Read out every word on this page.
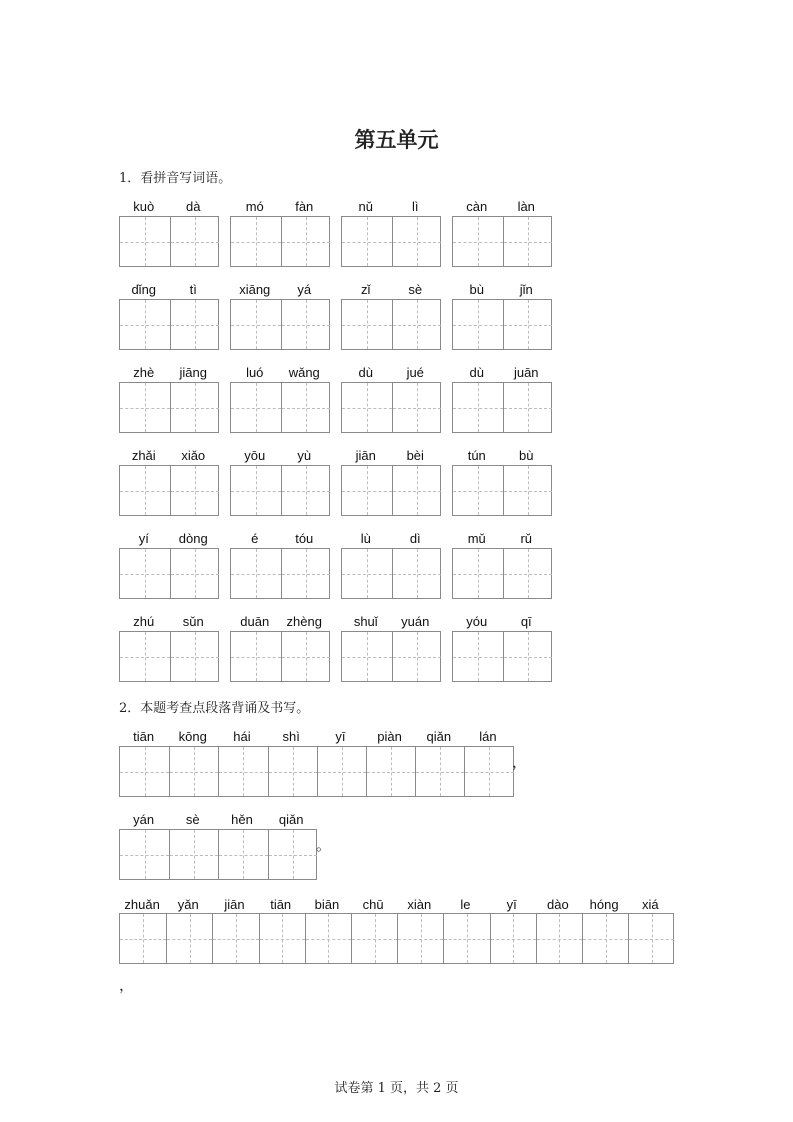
第五单元
1．看拼音写词语。
2．本题考查点段落背诵及书写。
kuò	dà	mó	fàn	nǔ	lì	càn	làn
dǐng	tì	xiāng	yá	zǐ	sè	bù	jǐn
zhè	jiāng	luó	wǎng	dù	jué	dù	juān
zhǎi	xiǎo	yōu	yù	jiān	bèi	tún	bù
yí	dòng	é	tóu	lù	dì	mǔ	rǔ
zhú	sǔn	duān	zhèng	shuǐ	yuán	yóu	qī
tiān	kōng	hái	shì	yī	piàn	qiǎn	lán
yán	sè	hěn	qiǎn
zhuǎn	yǎn	jiān	tiān	biān	chū	xiàn	le	yī	dào	hóng	xiá
，
。
，
试卷第 1 页，共 2 页
